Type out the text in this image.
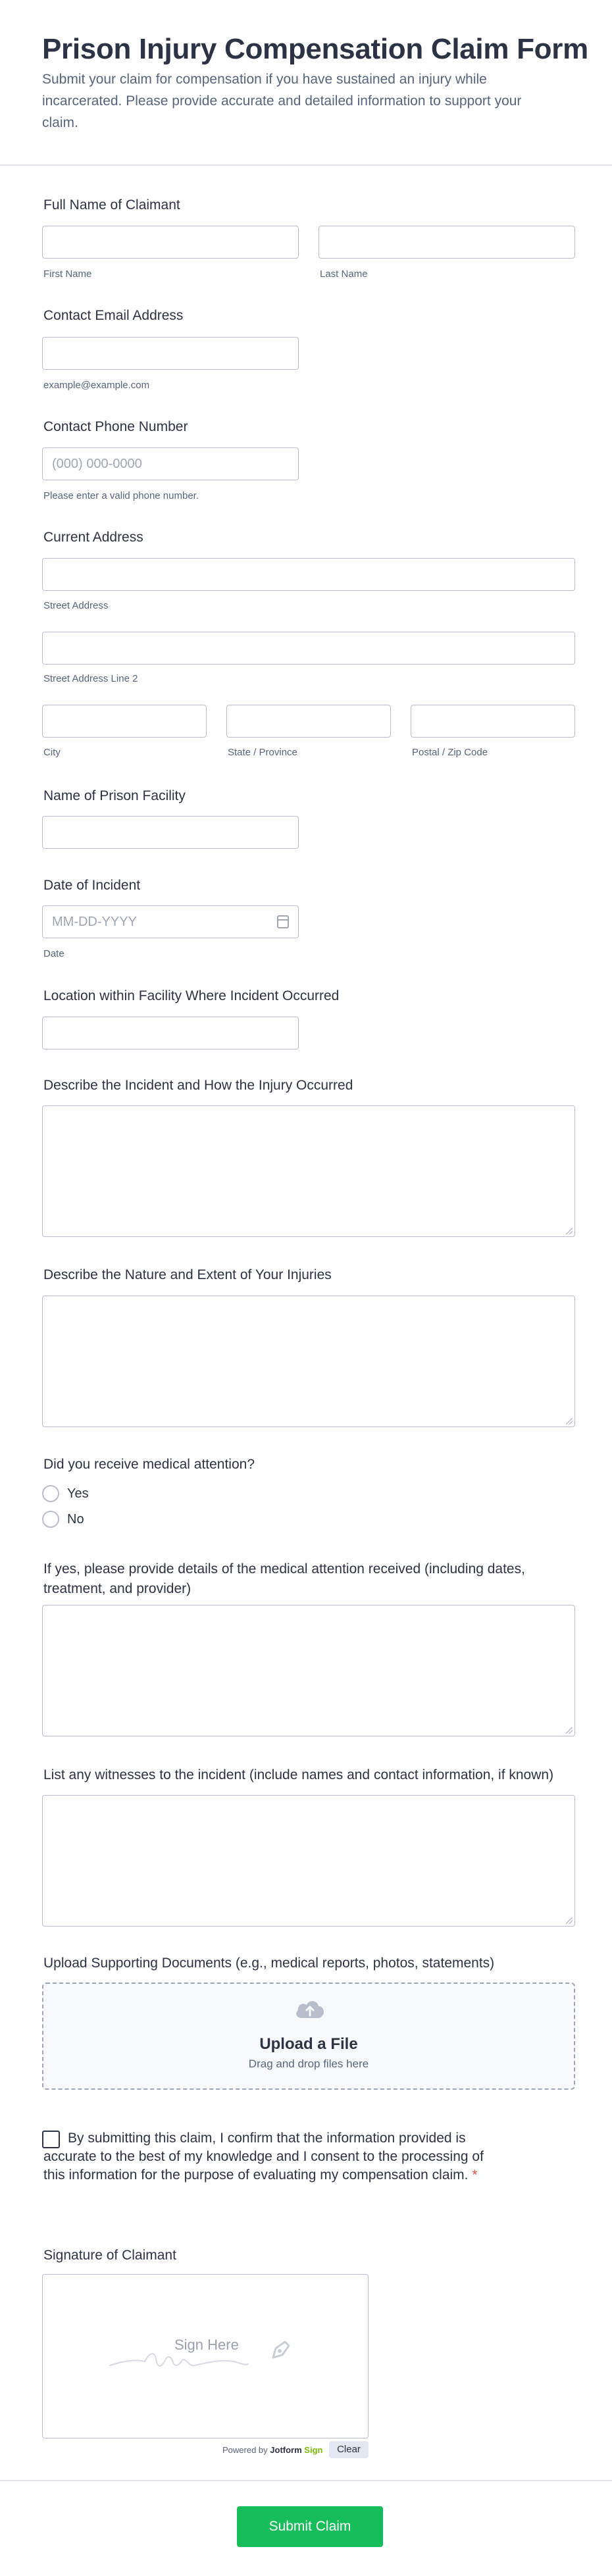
Prison Injury Compensation Claim Form
Submit your claim for compensation if you have sustained an injury while incarcerated. Please provide accurate and detailed information to support your claim.
Full Name of Claimant
First Name	Last Name
Contact Email Address
example@example.com
Contact Phone Number
(000) 000-0000
Please enter a valid phone number.
Current Address
Street Address
Street Address Line 2
City	State / Province	Postal / Zip Code
Name of Prison Facility
Date of Incident
MM-DD-YYYY
Date
Location within Facility Where Incident Occurred
Describe the Incident and How the Injury Occurred
Describe the Nature and Extent of Your Injuries
Did you receive medical attention?
Yes
No
If yes, please provide details of the medical attention received (including dates, treatment, and provider)
List any witnesses to the incident (include names and contact information, if known)
Upload Supporting Documents (e.g., medical reports, photos, statements)
Upload a File
Drag and drop files here
By submitting this claim, I confirm that the information provided is accurate to the best of my knowledge and I consent to the processing of this information for the purpose of evaluating my compensation claim. *
Signature of Claimant
Sign Here
Powered by Jotform Sign	Clear
Submit Claim
